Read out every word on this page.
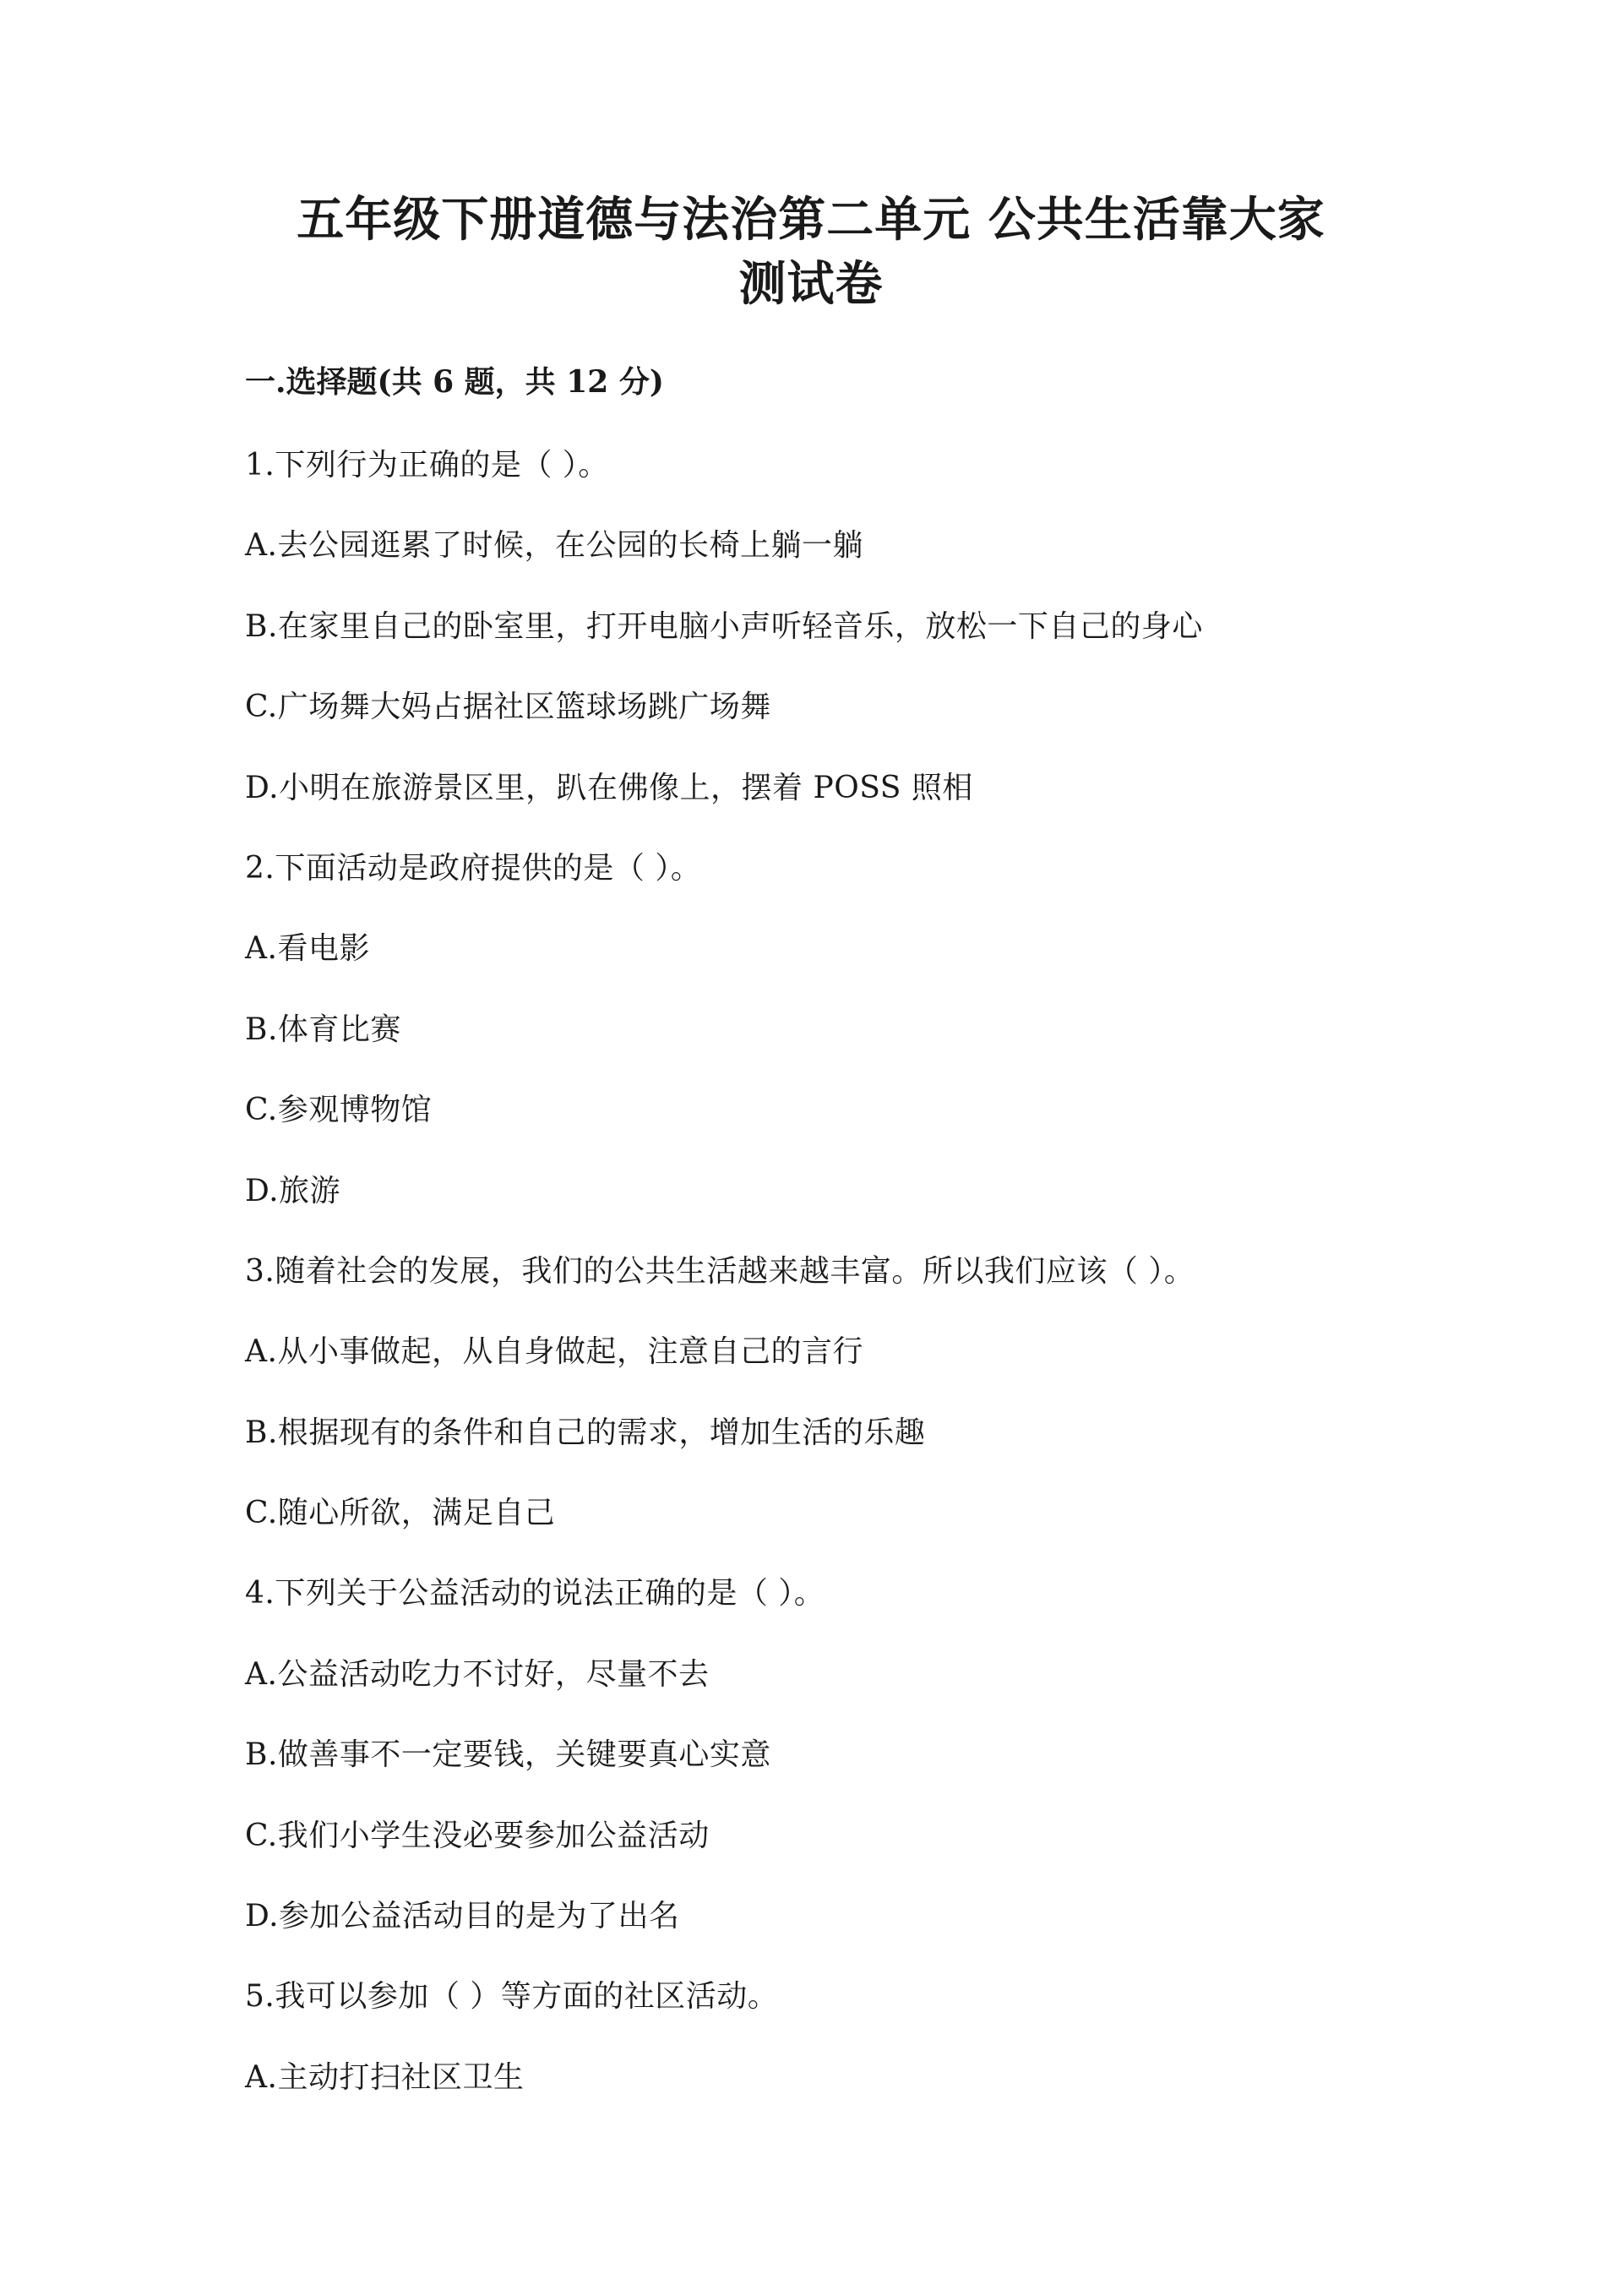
五年级下册道德与法治第二单元 公共生活靠大家
测试卷
一.选择题(共 6 题，共 12 分)
1.下列行为正确的是（ ）。
A.去公园逛累了时候，在公园的长椅上躺一躺
B.在家里自己的卧室里，打开电脑小声听轻音乐，放松一下自己的身心
C.广场舞大妈占据社区篮球场跳广场舞
D.小明在旅游景区里，趴在佛像上，摆着 POSS 照相
2.下面活动是政府提供的是（ ）。
A.看电影
B.体育比赛
C.参观博物馆
D.旅游
3.随着社会的发展，我们的公共生活越来越丰富。所以我们应该（ ）。
A.从小事做起，从自身做起，注意自己的言行
B.根据现有的条件和自己的需求，增加生活的乐趣
C.随心所欲，满足自己
4.下列关于公益活动的说法正确的是（ ）。
A.公益活动吃力不讨好，尽量不去
B.做善事不一定要钱，关键要真心实意
C.我们小学生没必要参加公益活动
D.参加公益活动目的是为了出名
5.我可以参加（ ）等方面的社区活动。
A.主动打扫社区卫生
